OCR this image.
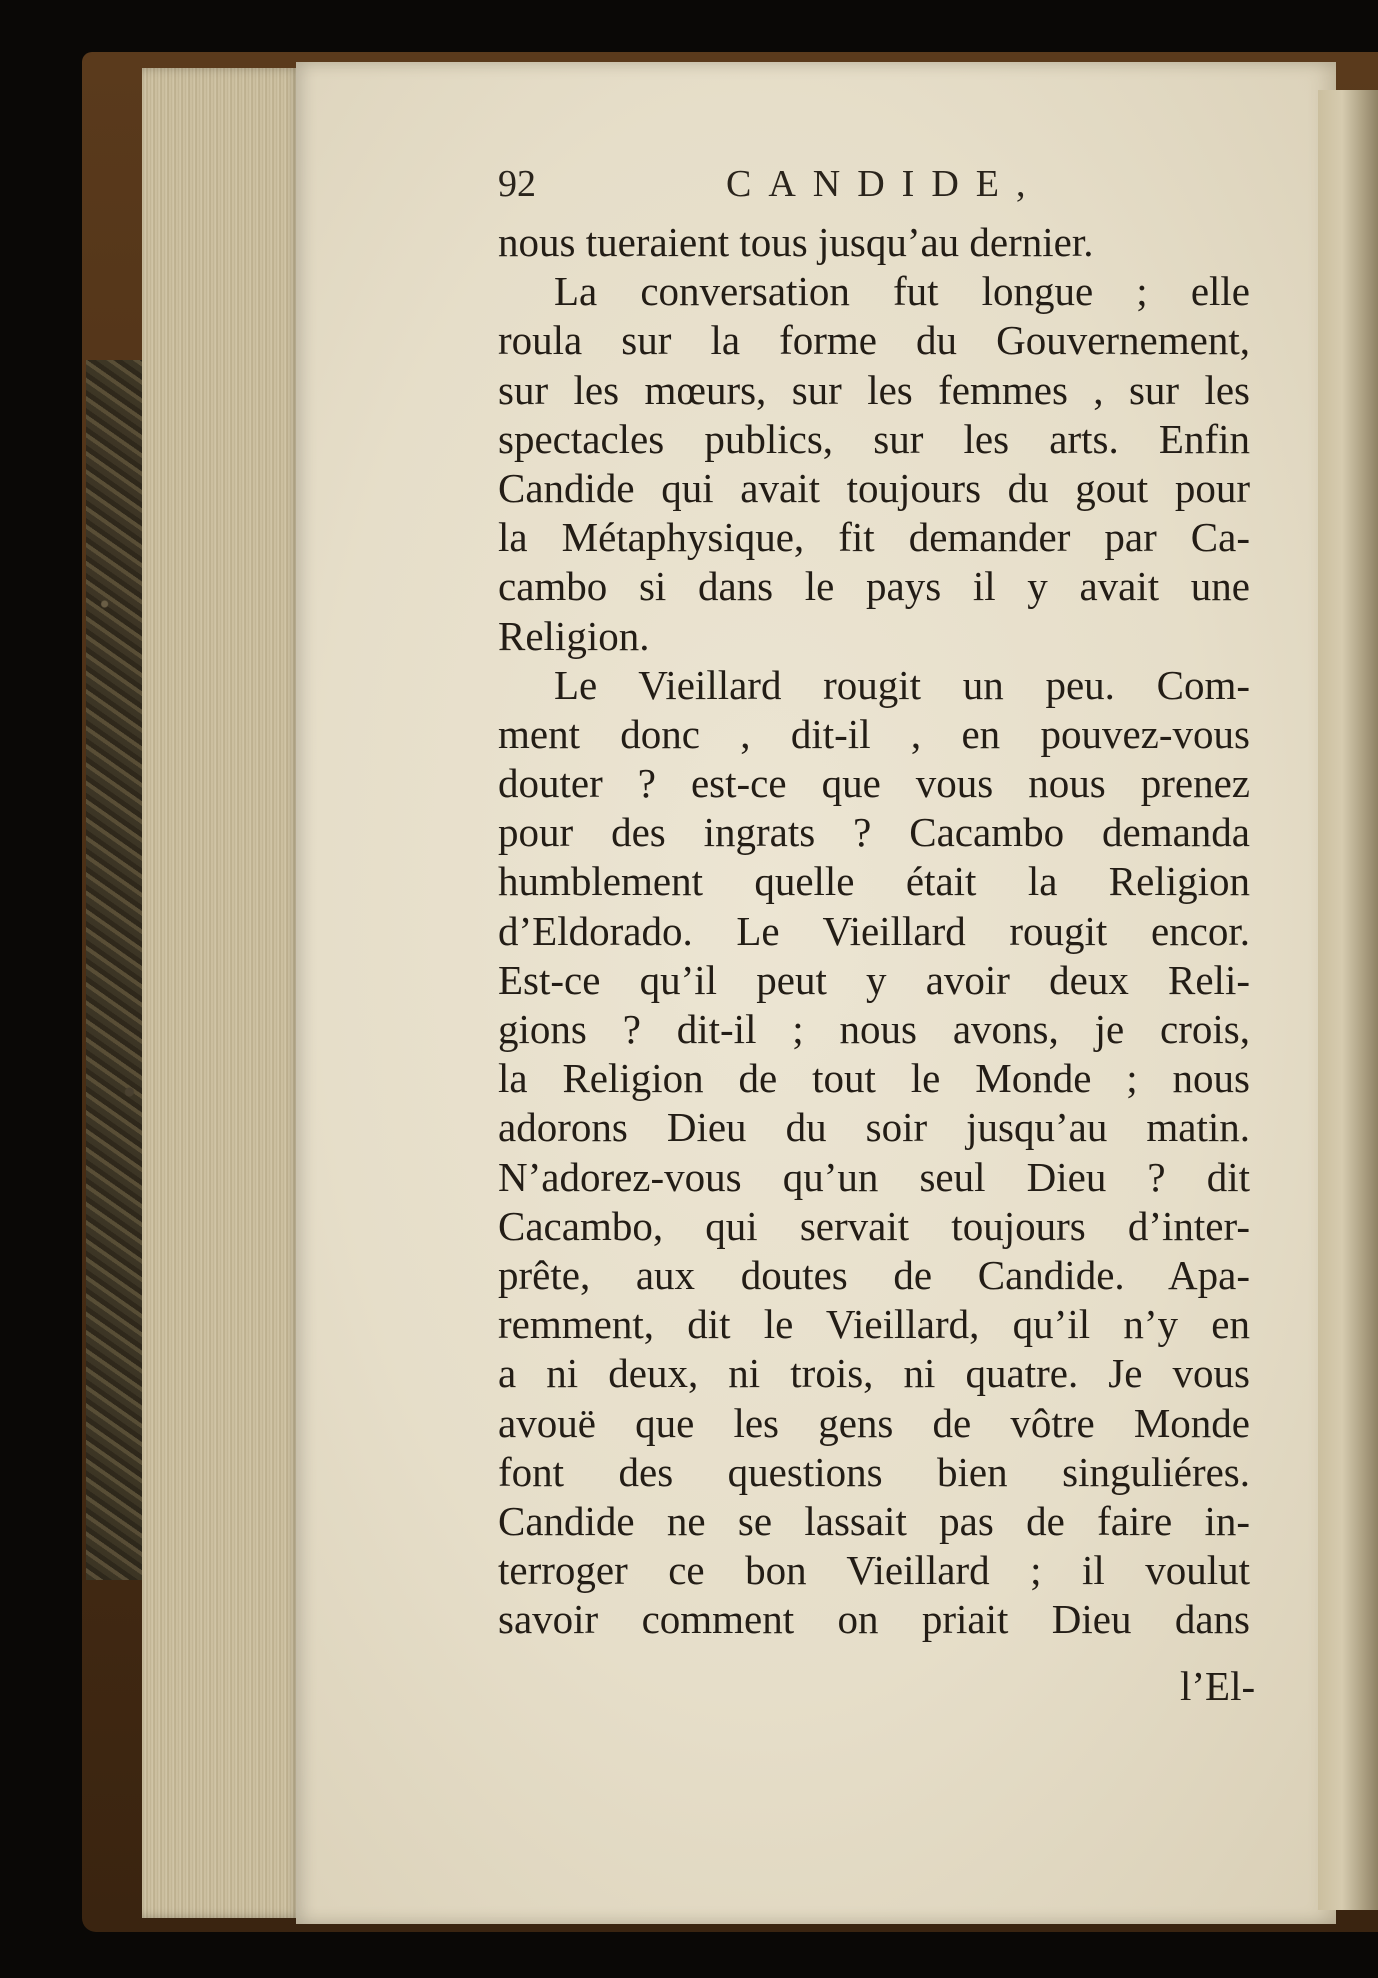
92	CANDIDE,
nous tueraient tous jusqu’au dernier.
La conversation fut longue ; elle
roula sur la forme du Gouvernement,
sur les mœurs, sur les femmes , sur les
spectacles publics, sur les arts. Enfin
Candide qui avait toujours du gout pour
la Métaphysique, fit demander par Ca-
cambo si dans le pays il y avait une
Religion.
Le Vieillard rougit un peu. Com-
ment donc , dit-il , en pouvez-vous
douter ? est-ce que vous nous prenez
pour des ingrats ? Cacambo demanda
humblement quelle était la Religion
d’Eldorado. Le Vieillard rougit encor.
Est-ce qu’il peut y avoir deux Reli-
gions ? dit-il ; nous avons, je crois,
la Religion de tout le Monde ; nous
adorons Dieu du soir jusqu’au matin.
N’adorez-vous qu’un seul Dieu ? dit
Cacambo, qui servait toujours d’inter-
prête, aux doutes de Candide. Apa-
remment, dit le Vieillard, qu’il n’y en
a ni deux, ni trois, ni quatre. Je vous
avouë que les gens de vôtre Monde
font des questions bien singuliéres.
Candide ne se lassait pas de faire in-
terroger ce bon Vieillard ; il voulut
savoir comment on priait Dieu dans
l’El-
